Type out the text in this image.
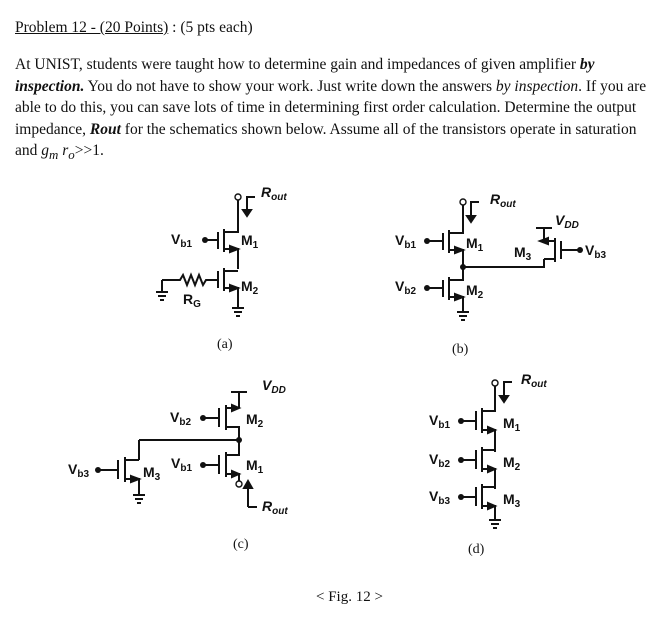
Problem 12 - (20 Points) : (5 pts each)
At UNIST, students were taught how to determine gain and impedances of given amplifier by inspection. You do not have to show your work. Just write down the answers by inspection. If you are able to do this, you can save lots of time in determining first order calculation. Determine the output impedance, Rout for the schematics shown below. Assume all of the transistors operate in saturation and $g_m$ $r_o>>1$.
$R_{out}$
$V_{b1}$	$M_1$
$M_2$
$R_G$
(a)
$R_{out}$
$V_{DD}$
$V_{b1}$	$M_1$ $M_3$	$V_{b3}$
$V_{b2}$	$M_2$
(b)
$V_{DD}$
$V_{b2}$	$M_2$
$V_{b1}$	$M_1$
$V_{b3}$	$M_3$
$R_{out}$
(c)
$R_{out}$
$V_{b1}$	$M_1$
$V_{b2}$	$M_2$
$V_{b3}$	$M_3$
(d)
< Fig. 12 >
